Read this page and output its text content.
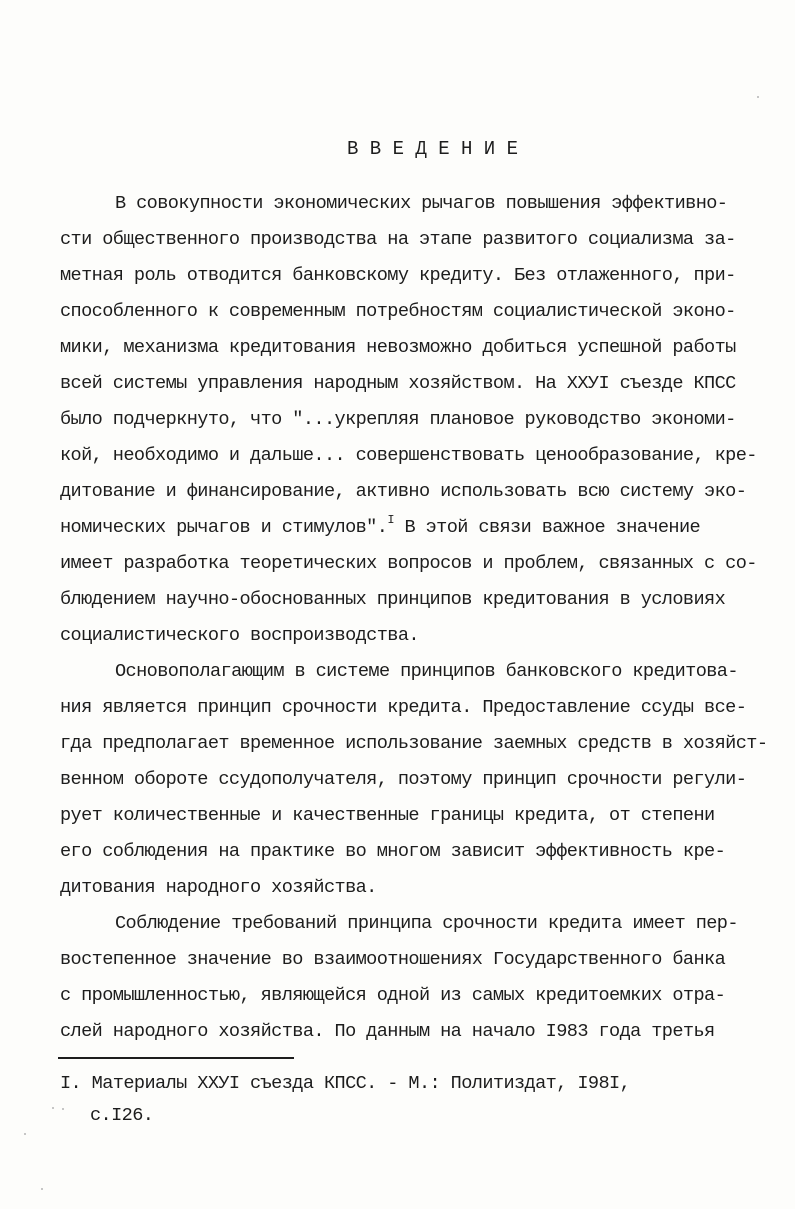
В В Е Д Е Н И Е
В совокупности экономических рычагов повышения эффективно-
сти общественного производства на этапе развитого социализма за-
метная роль отводится банковскому кредиту. Без отлаженного, при-
способленного к современным потребностям социалистической эконо-
мики, механизма кредитования невозможно добиться успешной работы
всей системы управления народным хозяйством. На ХХУI съезде КПСС
было подчеркнуто, что "...укрепляя плановое руководство экономи-
кой, необходимо и дальше... совершенствовать ценообразование, кре-
дитование и финансирование, активно использовать всю систему эко-
номических рычагов и стимулов".$^I$ В этой связи важное значение
имеет разработка теоретических вопросов и проблем, связанных с со-
блюдением научно-обоснованных принципов кредитования в условиях
социалистического воспроизводства.
Основополагающим в системе принципов банковского кредитова-
ния является принцип срочности кредита. Предоставление ссуды все-
гда предполагает временное использование заемных средств в хозяйст-
венном обороте ссудополучателя, поэтому принцип срочности регули-
рует количественные и качественные границы кредита, от степени
его соблюдения на практике во многом зависит эффективность кре-
дитования народного хозяйства.
Соблюдение требований принципа срочности кредита имеет пер-
востепенное значение во взаимоотношениях Государственного банка
с промышленностью, являющейся одной из самых кредитоемких отра-
слей народного хозяйства. По данным на начало I983 года третья
I. Материалы ХХУI съезда КПСС. - М.: Политиздат, I98I,
с.I26.
